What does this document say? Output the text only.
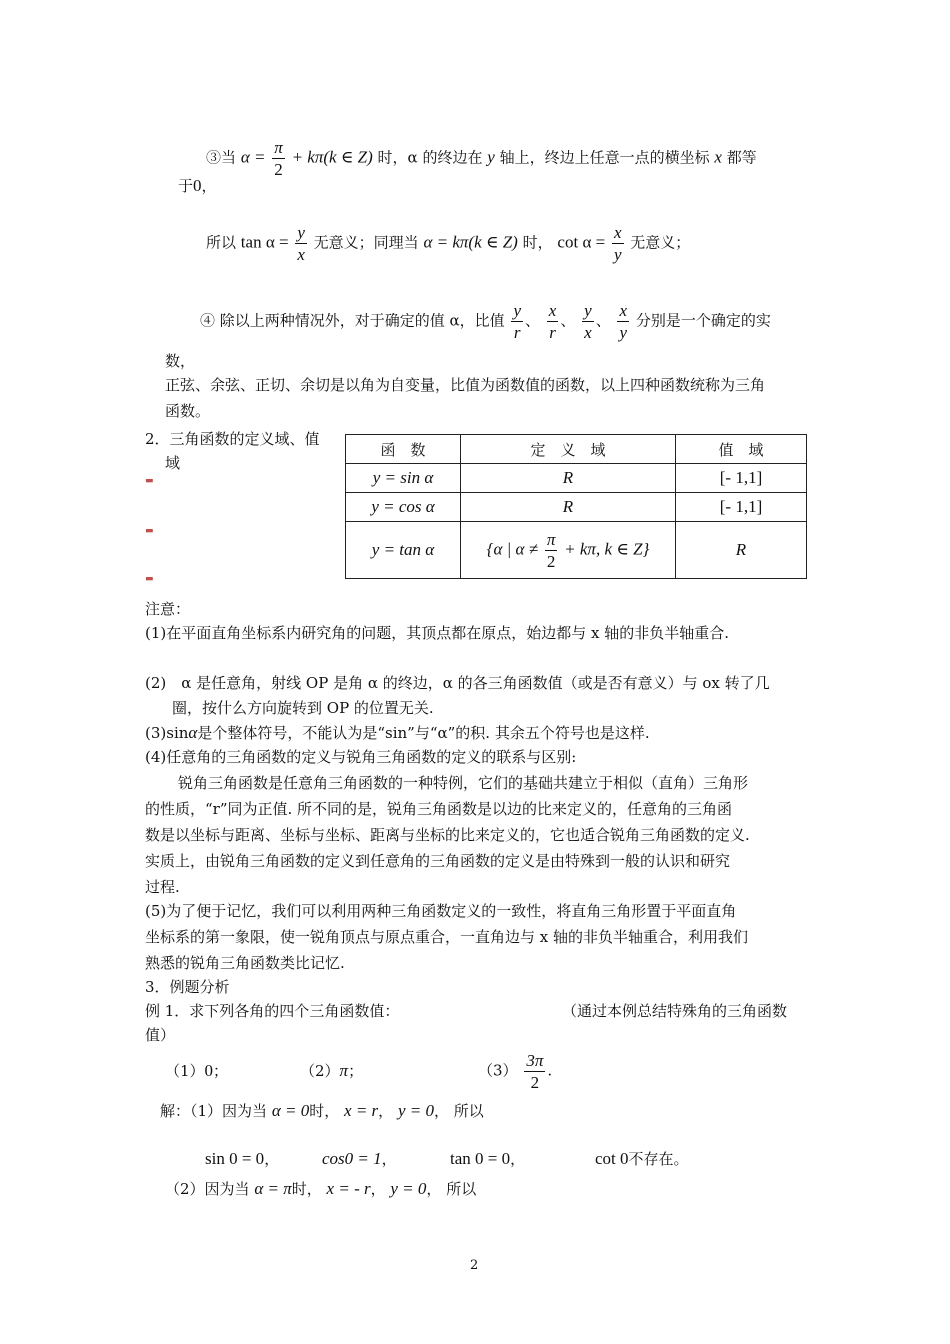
③当 $\alpha = \frac{\pi}{2} + k\pi(k$ ∈ Z) 时，α 的终边在 y 轴上，终边上任意一点的横坐标 x 都等
于0，
所以 $\tan \alpha = \frac{y}{x}$ 无意义；同理当 α = kπ(k ∈ Z) 时， $\cot \alpha = \frac{x}{y}$ 无意义；
④ 除以上两种情况外，对于确定的值 α，比值 $\frac{y}{r}$ 、 $\frac{x}{r}$ 、 $\frac{y}{x}$ 、 $\frac{x}{y}$ 分别是一个确定的实
数，
正弦、余弦、正切、余切是以角为自变量，比值为函数值的函数，以上四种函数统称为三角
函数。
2．三角函数的定义域、值
域
▬
▬
▬
函　数	定　义　域	值　域
y = sin α	R	[- 1,1]
y = cos α	R	[- 1,1]
y = tan α	{α | $\alpha \ne \frac{\pi}{2} + k\pi$, k ∈ Z}	R
注意：
(1)在平面直角坐标系内研究角的问题，其顶点都在原点，始边都与 x 轴的非负半轴重合.
(2)　α 是任意角，射线 OP 是角 α 的终边，α 的各三角函数值（或是否有意义）与 ox 转了几
圈，按什么方向旋转到 OP 的位置无关.
(3)sinα是个整体符号，不能认为是“sin”与“α”的积. 其余五个符号也是这样.
(4)任意角的三角函数的定义与锐角三角函数的定义的联系与区别:
锐角三角函数是任意角三角函数的一种特例，它们的基础共建立于相似（直角）三角形
的性质，“r”同为正值. 所不同的是，锐角三角函数是以边的比来定义的，任意角的三角函
数是以坐标与距离、坐标与坐标、距离与坐标的比来定义的，它也适合锐角三角函数的定义.
实质上，由锐角三角函数的定义到任意角的三角函数的定义是由特殊到一般的认识和研究
过程.
(5)为了便于记忆，我们可以利用两种三角函数定义的一致性，将直角三角形置于平面直角
坐标系的第一象限，使一锐角顶点与原点重合，一直角边与 x 轴的非负半轴重合，利用我们
熟悉的锐角三角函数类比记忆.
3．例题分析
例 1．求下列各角的四个三角函数值：	（通过本例总结特殊角的三角函数
值）
（1）0；	（2）π；	$(3) \frac{3\pi}{2}$ .
解：（1）因为当 α = 0时， x = r， y = 0， 所以
sin 0 = 0，	cos0 = 1，	tan 0 = 0，	cot 0不存在。
（2）因为当 α = π时， x = - r， y = 0， 所以
2
